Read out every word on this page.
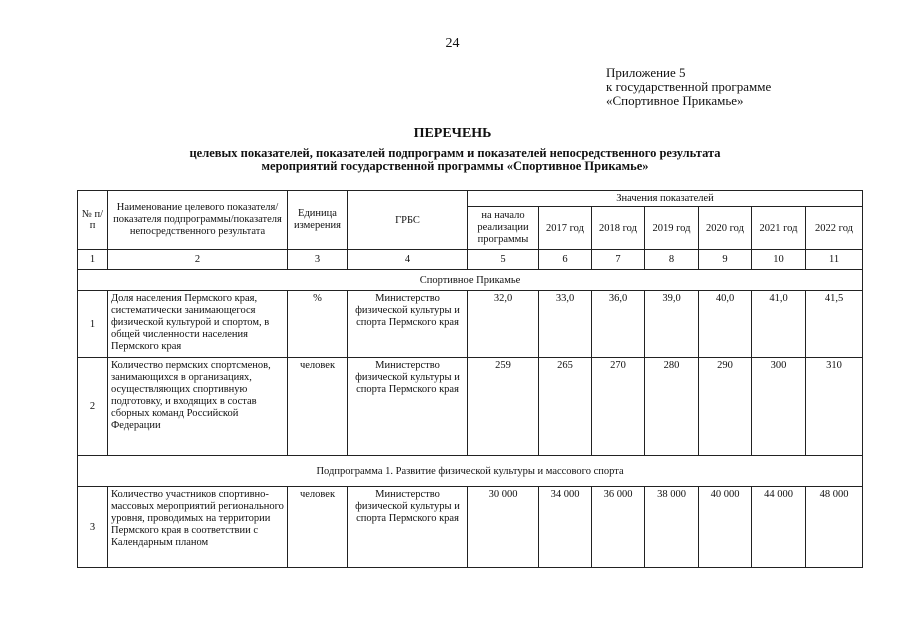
24
Приложение 5
к государственной программе
«Спортивное Прикамье»
ПЕРЕЧЕНЬ
целевых показателей, показателей подпрограмм и показателей непосредственного результата
мероприятий государственной программы «Спортивное Прикамье»
№ п/п	Наименование целевого показателя/показателя подпрограммы/показателя непосредственного результата	Единица измерения	ГРБС	Значения показателей						
				на начало реализации программы	2017 год	2018 год	2019 год	2020 год	2021 год	2022 год
1	2	3	4	5	6	7	8	9	10	11
Спортивное Прикамье										
1	Доля населения Пермского края, систематически занимающегося физической культурой и спортом, в общей численности населения Пермского края	%	Министерство физической культуры и спорта Пермского края	32,0	33,0	36,0	39,0	40,0	41,0	41,5
2	Количество пермских спортсменов, занимающихся в организациях, осуществляющих спортивную подготовку, и входящих в состав сборных команд Российской Федерации	человек	Министерство физической культуры и спорта Пермского края	259	265	270	280	290	300	310
Подпрограмма 1. Развитие физической культуры и массового спорта										
3	Количество участников спортивно-массовых мероприятий регионального уровня, проводимых на территории Пермского края в соответствии с Календарным планом	человек	Министерство физической культуры и спорта Пермского края	30 000	34 000	36 000	38 000	40 000	44 000	48 000
